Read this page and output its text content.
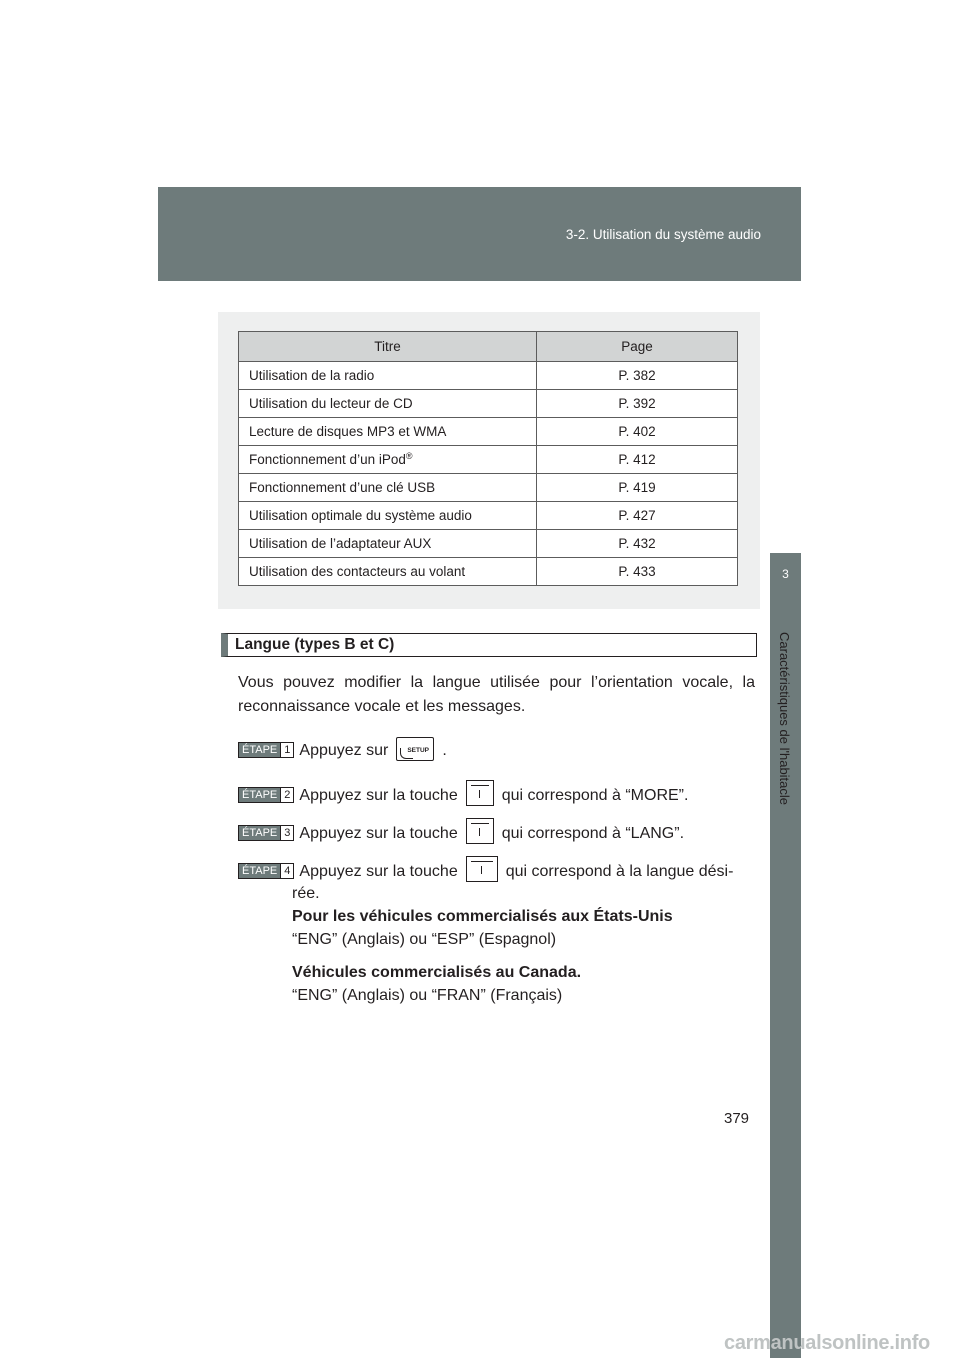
3-2. Utilisation du système audio
3
Caractéristiques de l'habitacle
Titre	Page
Utilisation de la radio	P. 382
Utilisation du lecteur de CD	P. 392
Lecture de disques MP3 et WMA	P. 402
Fonctionnement d’un iPod®	P. 412
Fonctionnement d’une clé USB	P. 419
Utilisation optimale du système audio	P. 427
Utilisation de l’adaptateur AUX	P. 432
Utilisation des contacteurs au volant	P. 433
Langue (types B et C)
Vous pouvez modifier la langue utilisée pour l’orientation vocale, la reconnaissance vocale et les messages.
ÉTAPE 1 Appuyez sur	SETUP .
ÉTAPE 2 Appuyez sur la touche	qui correspond à “MORE”.
ÉTAPE 3 Appuyez sur la touche	qui correspond à “LANG”.
ÉTAPE 4 Appuyez sur la touche	qui correspond à la langue dési-
rée.
Pour les véhicules commercialisés aux États-Unis
“ENG” (Anglais) ou “ESP” (Espagnol)
Véhicules commercialisés au Canada.
“ENG” (Anglais) ou “FRAN” (Français)
379
carmanualsonline.info
